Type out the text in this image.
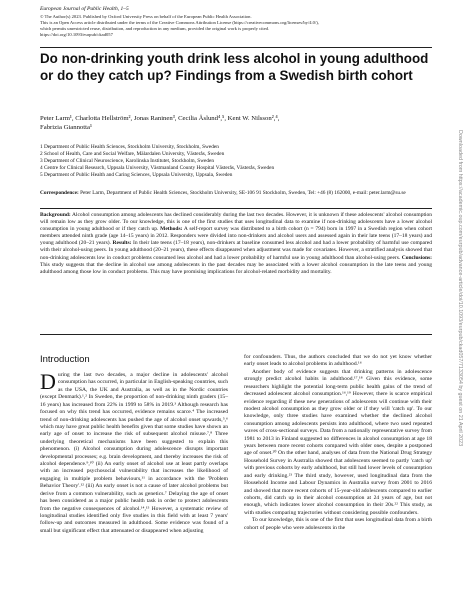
European Journal of Public Health, 1–5

© The Author(s) 2023. Published by Oxford University Press on behalf of the European Public Health Association.

This is an Open Access article distributed under the terms of the Creative Commons Attribution License (https://creativecommons.org/licenses/by/4.0/),

which permits unrestricted reuse, distribution, and reproduction in any medium, provided the original work is properly cited.

https://doi.org/10.1093/eurpub/ckad057

Do non-drinking youth drink less alcohol in young adulthood or do they catch up? Findings from a Swedish birth cohort
Peter Larm¹, Charlotta Hellström², Jonas Raninen³, Cecilia Åslund⁴,⁵, Kent W. Nilsson²,⁴,
Fabrizia Giannotta¹
1 Department of Public Health Sciences, Stockholm University, Stockholm, Sweden
2 School of Health, Care and Social Welfare, Mälardalen University, Västerås, Sweden
3 Department of Clinical Neuroscience, Karolinska Institutet, Stockholm, Sweden
4 Centre for Clinical Research, Uppsala University, Västmanland County Hospital Västerås, Västerås, Sweden
5 Department of Public Health and Caring Sciences, Uppsala University, Uppsala, Sweden
Correspondence: Peter Larm, Department of Public Health Sciences, Stockholm University, SE-106 91 Stockholm, Sweden, Tel: +46 (8) 162000, e-mail: peter.larm@su.se

Background: Alcohol consumption among adolescents has declined considerably during the last two decades. However, it is unknown if these adolescents' alcohol consumption will remain low as they grow older. To our knowledge, this is one of the first studies that uses longitudinal data to examine if non-drinking adolescents have a lower alcohol consumption in young adulthood or if they catch up. Methods: A self-report survey was distributed to a birth cohort (n = 794) born in 1997 in a Swedish region when cohort members attended ninth grade (age 14–15 years) in 2012. Responders were divided into non-drinkers and alcohol users and assessed again in their late teens (17–18 years) and young adulthood (20–21 years). Results: In their late teens (17–18 years), non-drinkers at baseline consumed less alcohol and had a lower probability of harmful use compared with their alcohol-using peers. In young adulthood (20–21 years), these effects disappeared when adjustment was made for covariates. However, a stratified analysis showed that non-drinking adolescents low in conduct problems consumed less alcohol and had a lower probability of harmful use in young adulthood than alcohol-using peers. Conclusions: This study suggests that the decline in alcohol use among adolescents in the past decades may be associated with a lower alcohol consumption in the late teens and young adulthood among those low in conduct problems. This may have promising implications for alcohol-related morbidity and mortality.

Introduction

During the last two decades, a major decline in adolescents' alcohol consumption has occurred, in particular in English-speaking countries, such as the USA, the UK and Australia, as well as in the Nordic countries (except Denmark).¹,² In Sweden, the proportion of non-drinking ninth graders (15–16 years) has increased from 22% in 1999 to 58% in 2019.³ Although research has focused on why this trend has occurred, evidence remains scarce.⁴ The increased trend of non-drinking adolescents has pushed the age of alcohol onset upwards,⁵,⁶ which may have great public health benefits given that some studies have shown an early age of onset to increase the risk of subsequent alcohol misuse.⁷,⁸ Three underlying theoretical mechanisms have been suggested to explain this phenomenon. (i) Alcohol consumption during adolescence disrupts important developmental processes; e.g. brain development, and thereby increases the risk of alcohol dependence.⁹,¹⁰ (ii) An early onset of alcohol use at least partly overlaps with an increased psychosocial vulnerability that increases the likelihood of engaging in multiple problem behaviours,¹¹ in accordance with the 'Problem Behavior Theory'.¹² (iii) An early onset is not a cause of later alcohol problems but derive from a common vulnerability, such as genetics.⁷ Delaying the age of onset has been considered as a major public health task in order to protect adolescents from the negative consequences of alcohol.¹⁴,¹⁵ However, a systematic review of longitudinal studies identified only five studies in this field with at least 7 years' follow-up and outcomes measured in adulthood. Some evidence was found of a small but significant effect that attenuated or disappeared when adjusting

for confounders. Thus, the authors concluded that we do not yet know whether early onset leads to alcohol problems in adulthood.¹⁶

Another body of evidence suggests that drinking patterns in adolescence strongly predict alcohol habits in adulthood.¹⁷,¹⁸ Given this evidence, some researchers highlight the potential long-term public health gains of the trend of decreased adolescent alcohol consumption.¹⁶,¹⁹ However, there is scarce empirical evidence regarding if these new generations of adolescents will continue with their modest alcohol consumption as they grow older or if they will 'catch up'. To our knowledge, only three studies have examined whether the declined alcohol consumption among adolescents persists into adulthood, where two used repeated waves of cross-sectional surveys. Data from a nationally representative survey from 1981 to 2013 in Finland suggested no differences in alcohol consumption at age 18 years between more recent cohorts compared with older ones, despite a postponed age of onset.²⁰ On the other hand, analyses of data from the National Drug Strategy Household Survey in Australia showed that adolescents seemed to partly 'catch up' with previous cohorts by early adulthood, but still had lower levels of consumption and early drinking.²¹ The third study, however, used longitudinal data from the Household Income and Labour Dynamics in Australia survey from 2001 to 2016 and showed that more recent cohorts of 15-year-old adolescents compared to earlier cohorts, did catch up in their alcohol consumption at 24 years of age, but not enough, which indicates lower alcohol consumption in their 20s.²² This study, as with studies comparing trajectories without considering possible confounders.

To our knowledge, this is one of the first that uses longitudinal data from a birth cohort of people who were adolescents in the

Downloaded from https://academic.oup.com/eurpub/advance-article/doi/10.1093/eurpub/ckad057/7133054 by guest on 21 April 2023
